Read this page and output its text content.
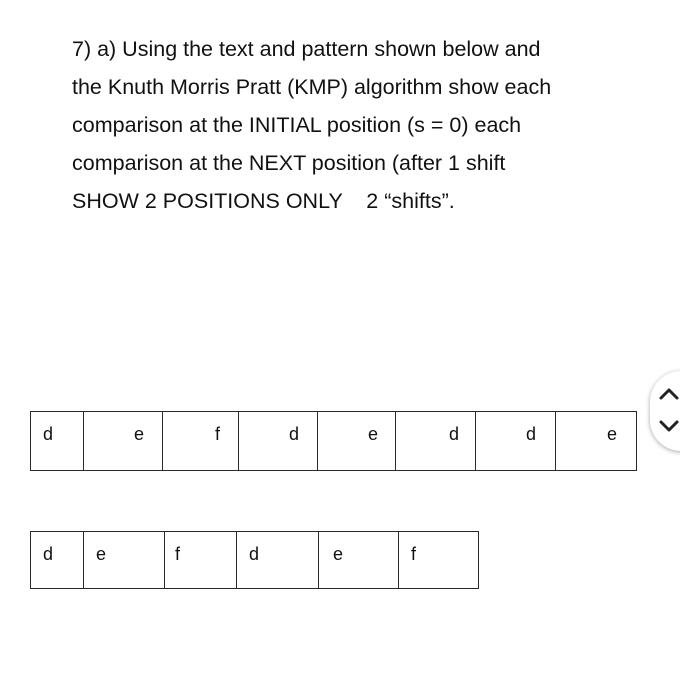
7) a) Using the text and pattern shown below and
the Knuth Morris Pratt (KMP) algorithm show each
comparison at the INITIAL position (s = 0) each
comparison at the NEXT position (after 1 shift
SHOW 2 POSITIONS ONLY    2 “shifts”.
d	e	f	d	e	d	d	e
d	e	f	d	e	f
